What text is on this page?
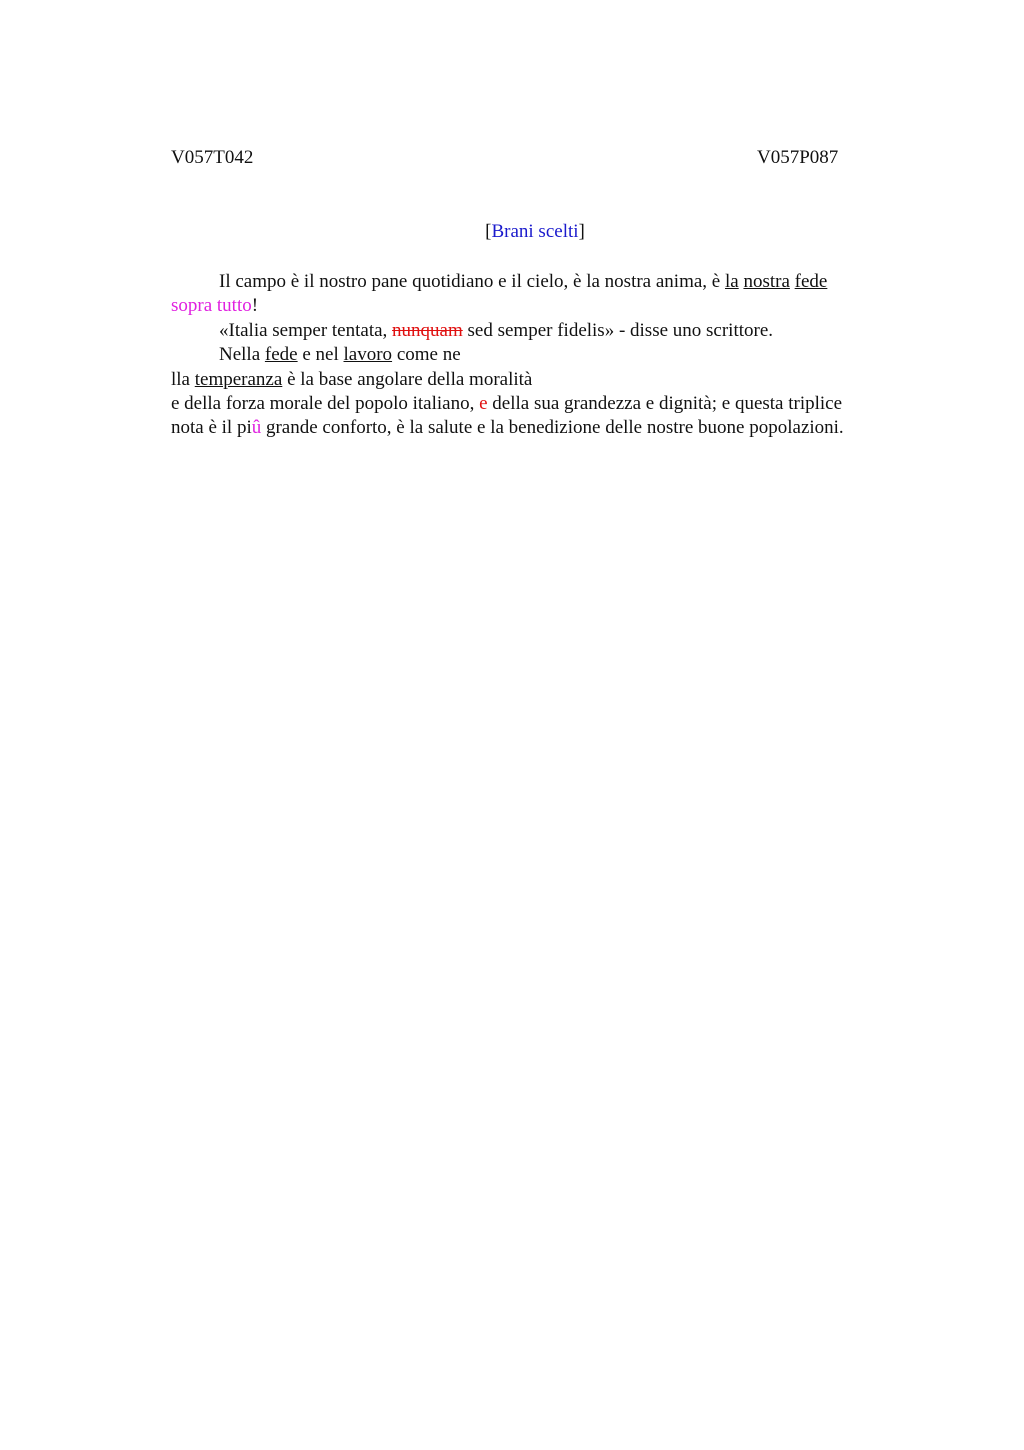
V057T042	V057P087
[Brani scelti]
Il campo è il nostro pane quotidiano e il cielo, è la nostra anima, è la nostra fede
sopra tutto!
«Italia semper tentata, nunquam sed semper fidelis» - disse uno scrittore.
Nella fede e nel lavoro come ne
lla temperanza è la base angolare della moralità
e della forza morale del popolo italiano, e della sua grandezza e dignità; e questa triplice
nota è il piû grande conforto, è la salute e la benedizione delle nostre buone popolazioni.
